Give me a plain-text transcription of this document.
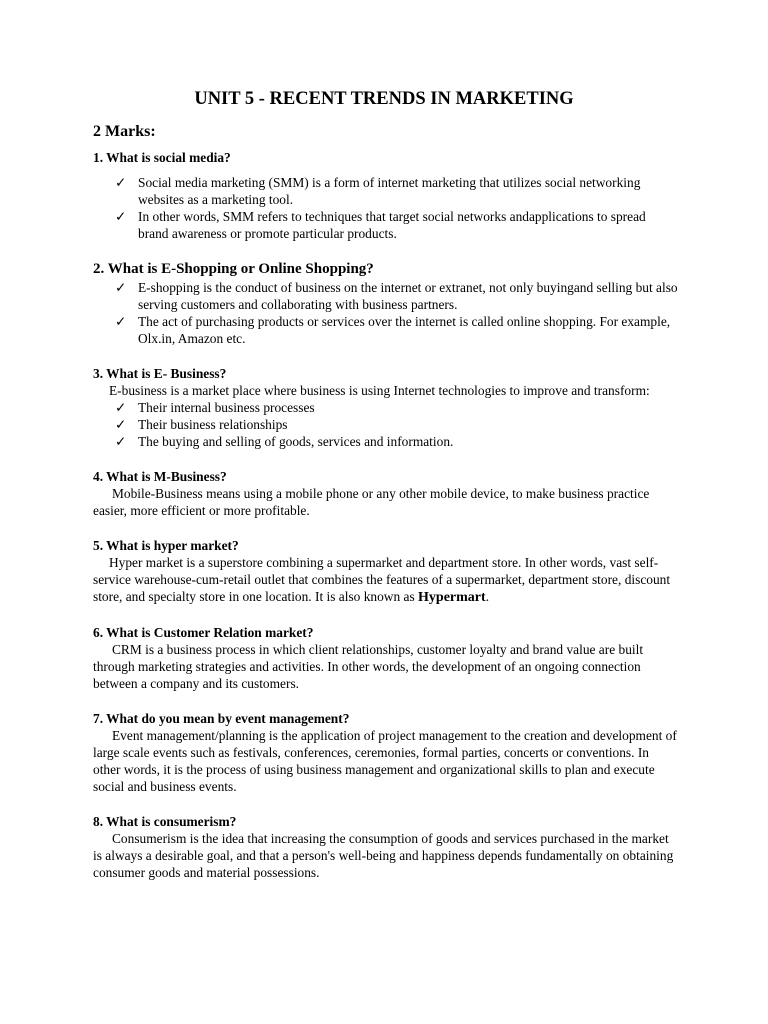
UNIT 5 - RECENT TRENDS IN MARKETING
2 Marks:
1. What is social media?
✓ Social media marketing (SMM) is a form of internet marketing that utilizes social networking websites as a marketing tool.
✓ In other words, SMM refers to techniques that target social networks andapplications to spread brand awareness or promote particular products.
2. What is E-Shopping or Online Shopping?
✓ E-shopping is the conduct of business on the internet or extranet, not only buyingand selling but also serving customers and collaborating with business partners.
✓ The act of purchasing products or services over the internet is called online shopping. For example, Olx.in, Amazon etc.
3. What is E- Business?

E-business is a market place where business is using Internet technologies to improve and transform:

✓ Their internal business processes
✓ Their business relationships
✓ The buying and selling of goods, services and information.
4. What is M-Business?

Mobile-Business means using a mobile phone or any other mobile device, to make business practice easier, more efficient or more profitable.

5. What is hyper market?

Hyper market is a superstore combining a supermarket and department store. In other words, vast self-service warehouse-cum-retail outlet that combines the features of a supermarket, department store, discount store, and specialty store in one location. It is also known as Hypermart.

6. What is Customer Relation market?

CRM is a business process in which client relationships, customer loyalty and brand value are built through marketing strategies and activities. In other words, the development of an ongoing connection between a company and its customers.

7. What do you mean by event management?

Event management/planning is the application of project management to the creation and development of large scale events such as festivals, conferences, ceremonies, formal parties, concerts or conventions. In other words, it is the process of using business management and organizational skills to plan and execute social and business events.

8. What is consumerism?

Consumerism is the idea that increasing the consumption of goods and services purchased in the market is always a desirable goal, and that a person's well-being and happiness depends fundamentally on obtaining consumer goods and material possessions.
